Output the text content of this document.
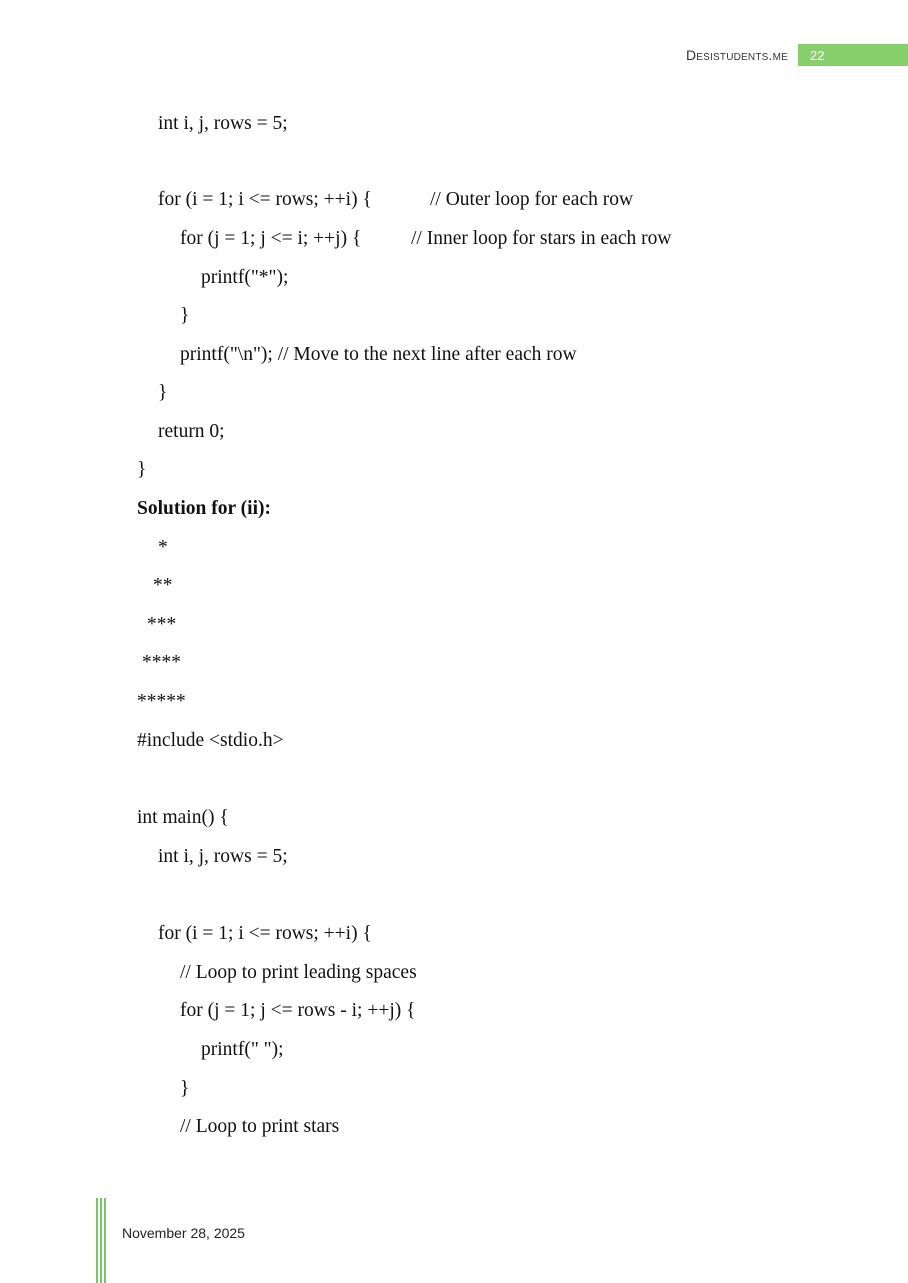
Desistudents.me	22
int i, j, rows = 5;
for (i = 1; i <= rows; ++i) {	// Outer loop for each row
for (j = 1; j <= i; ++j) {	// Inner loop for stars in each row
printf("*");
}
printf("\n"); // Move to the next line after each row
}
return 0;
}
Solution for (ii):
*
**
***
****
*****
#include <stdio.h>
int main() {
int i, j, rows = 5;
for (i = 1; i <= rows; ++i) {
// Loop to print leading spaces
for (j = 1; j <= rows - i; ++j) {
printf(" ");
}
// Loop to print stars
November 28, 2025
